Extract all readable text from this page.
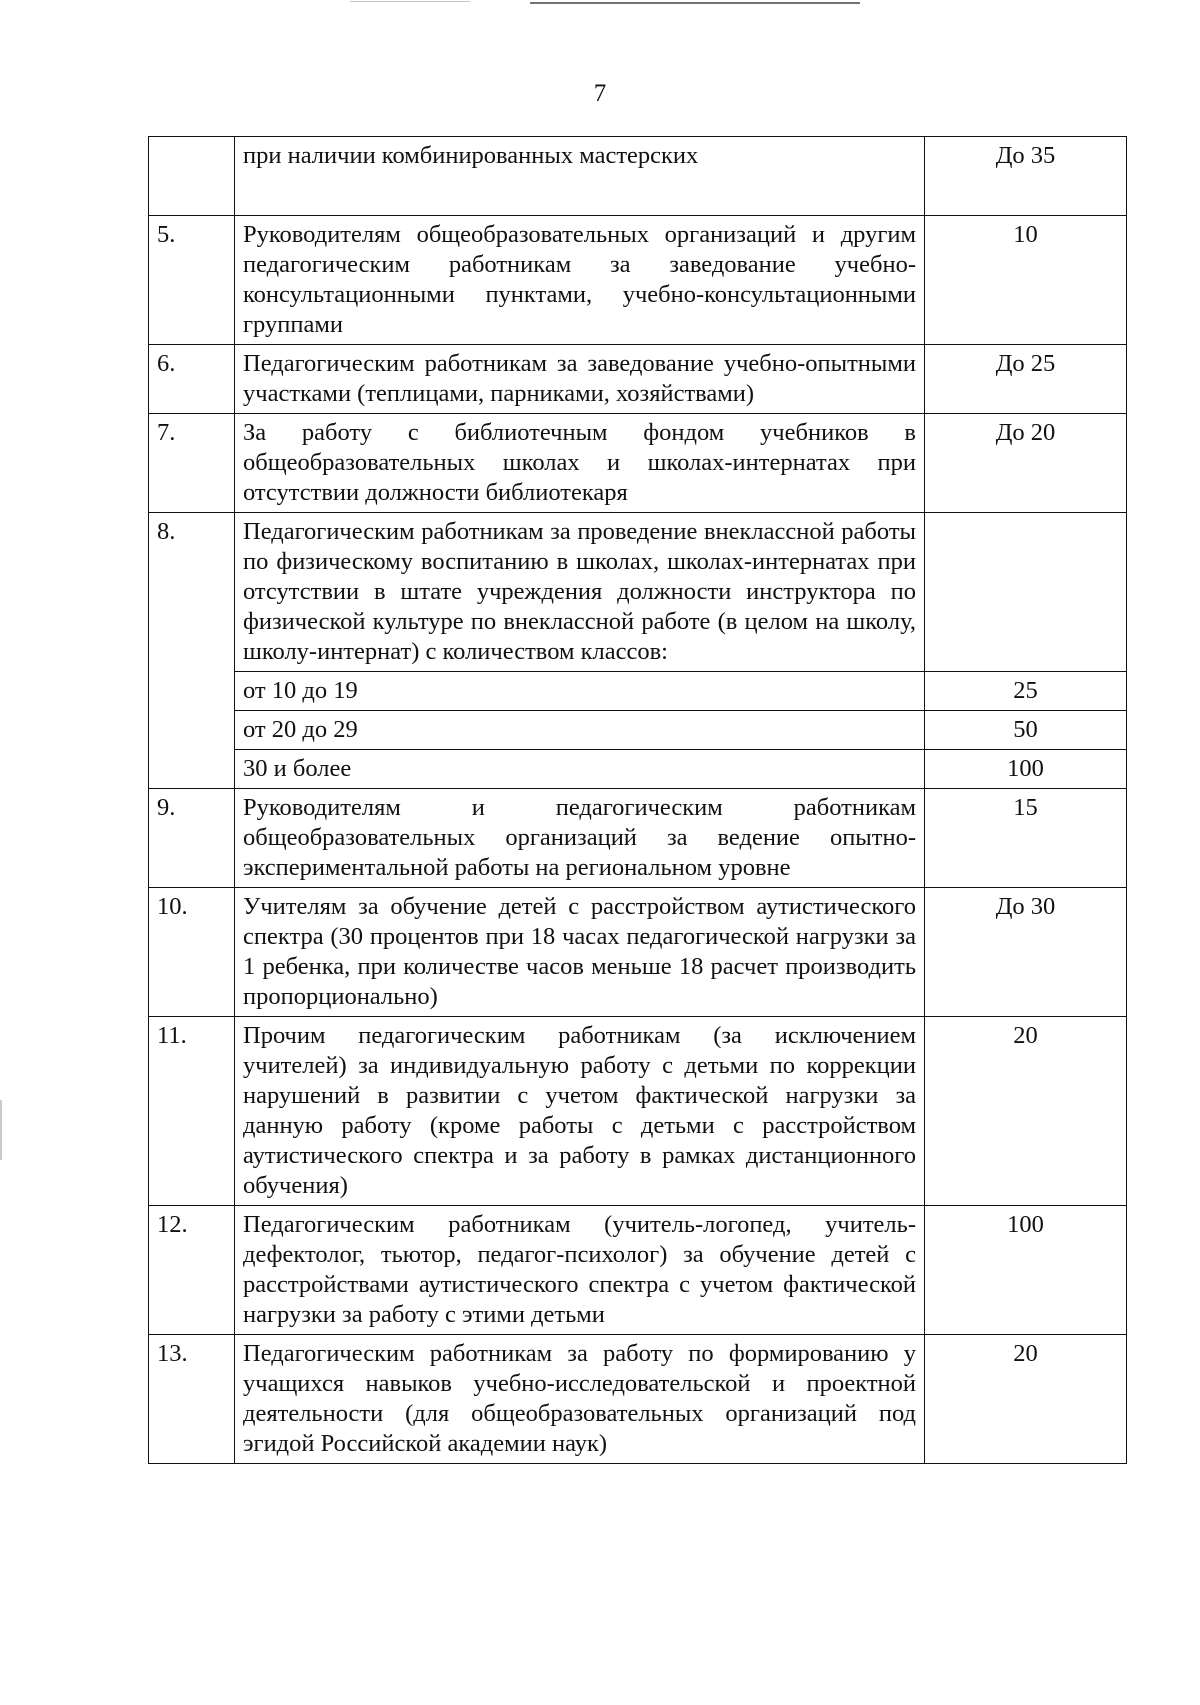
7
	при наличии комбинированных мастерских	До 35
5.	Руководителям общеобразовательных организаций и другим педагогическим работникам за заведование учебно-консультационными пунктами, учебно-консультационными группами	10
6.	Педагогическим работникам за заведование учебно-опытными участками (теплицами, парниками, хозяйствами)	До 25
7.	За работу с библиотечным фондом учебников в общеобразовательных школах и школах-интернатах при отсутствии должности библиотекаря	До 20
8.	Педагогическим работникам за проведение внеклассной работы по физическому воспитанию в школах, школах-интернатах при отсутствии в штате учреждения должности инструктора по физической культуре по внеклассной работе (в целом на школу, школу-интернат) с количеством классов:	
	от 10 до 19	25
	от 20 до 29	50
	30 и более	100
9.	Руководителям и педагогическим работникам общеобразовательных организаций за ведение опытно-экспериментальной работы на региональном уровне	15
10.	Учителям за обучение детей с расстройством аутистического спектра (30 процентов при 18 часах педагогической нагрузки за 1 ребенка, при количестве часов меньше 18 расчет производить пропорционально)	До 30
11.	Прочим педагогическим работникам (за исключением учителей) за индивидуальную работу с детьми по коррекции нарушений в развитии с учетом фактической нагрузки за данную работу (кроме работы с детьми с расстройством аутистического спектра и за работу в рамках дистанционного обучения)	20
12.	Педагогическим работникам (учитель-логопед, учитель-дефектолог, тьютор, педагог-психолог) за обучение детей с расстройствами аутистического спектра с учетом фактической нагрузки за работу с этими детьми	100
13.	Педагогическим работникам за работу по формированию у учащихся навыков учебно-исследовательской и проектной деятельности (для общеобразовательных организаций под эгидой Российской академии наук)	20
